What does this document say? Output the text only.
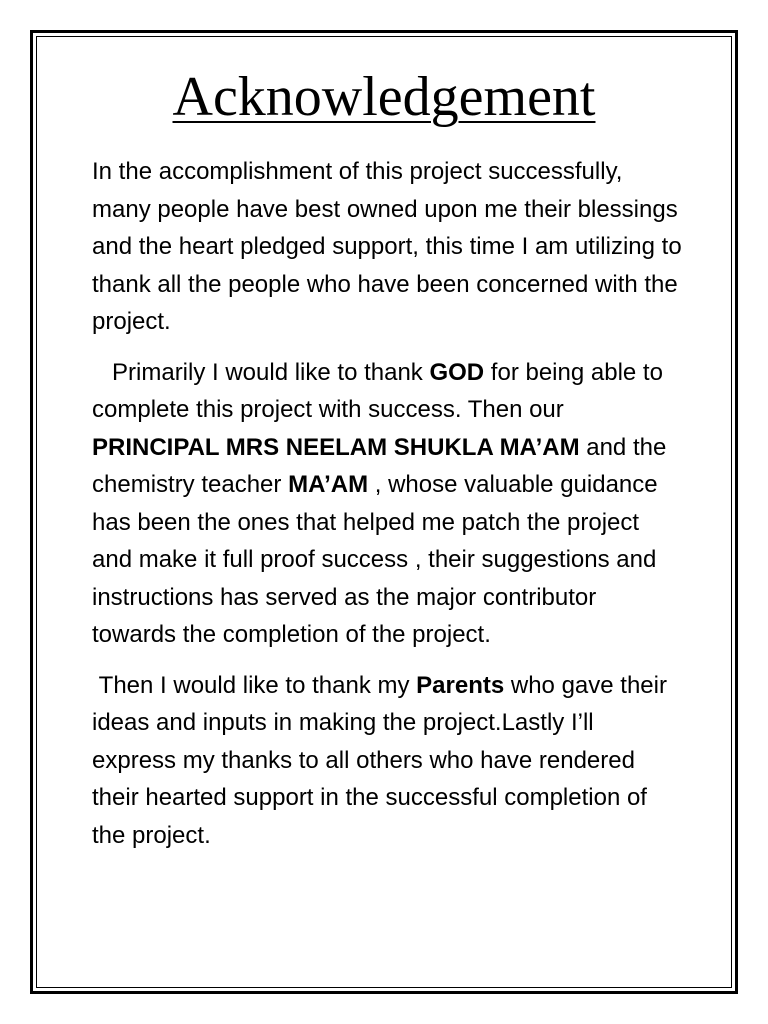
Acknowledgement

In the accomplishment of this project successfully, many people have best owned upon me their blessings and the heart pledged support, this time I am utilizing to thank all the people who have been concerned with the project.

Primarily I would like to thank GOD for being able to complete this project with success. Then our PRINCIPAL MRS NEELAM SHUKLA MA’AM and the chemistry teacher MA’AM , whose valuable guidance has been the ones that helped me patch the project and make it full proof success , their suggestions and instructions has served as the major contributor towards the completion of the project.

Then I would like to thank my Parents who gave their ideas and inputs in making the project.Lastly I’ll express my thanks to all others who have rendered their hearted support in the successful completion of the project.
